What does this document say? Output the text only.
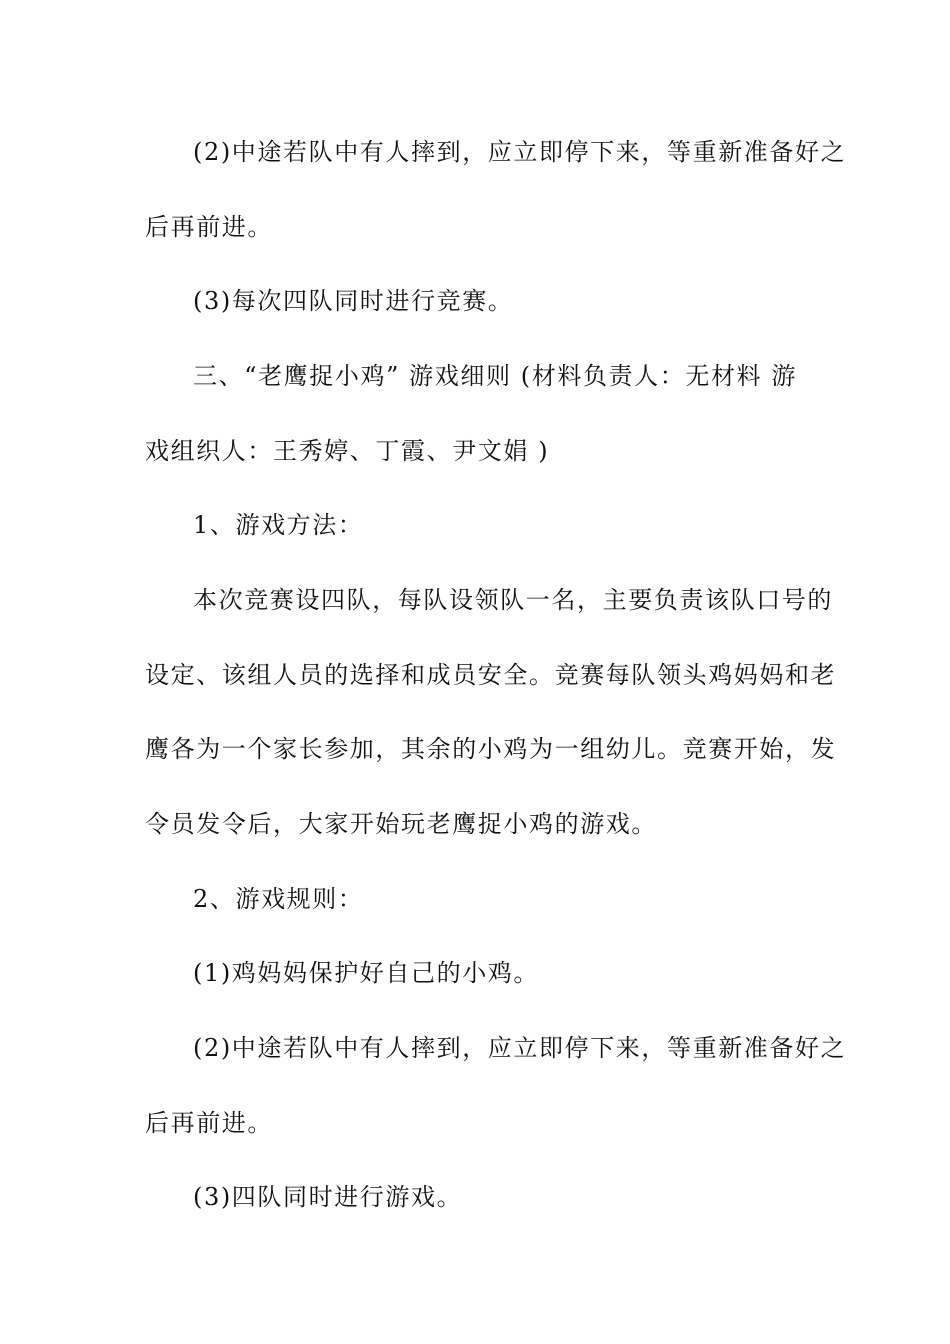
(2)中途若队中有人摔到，应立即停下来，等重新准备好之
后再前进。
(3)每次四队同时进行竞赛。
三、“老鹰捉小鸡” 游戏细则 (材料负责人：无材料 游
戏组织人：王秀婷、丁霞、尹文娟 )
1、游戏方法：
本次竞赛设四队，每队设领队一名，主要负责该队口号的
设定、该组人员的选择和成员安全。竞赛每队领头鸡妈妈和老
鹰各为一个家长参加，其余的小鸡为一组幼儿。竞赛开始，发
令员发令后，大家开始玩老鹰捉小鸡的游戏。
2、游戏规则：
(1)鸡妈妈保护好自己的小鸡。
(2)中途若队中有人摔到，应立即停下来，等重新准备好之
后再前进。
(3)四队同时进行游戏。
